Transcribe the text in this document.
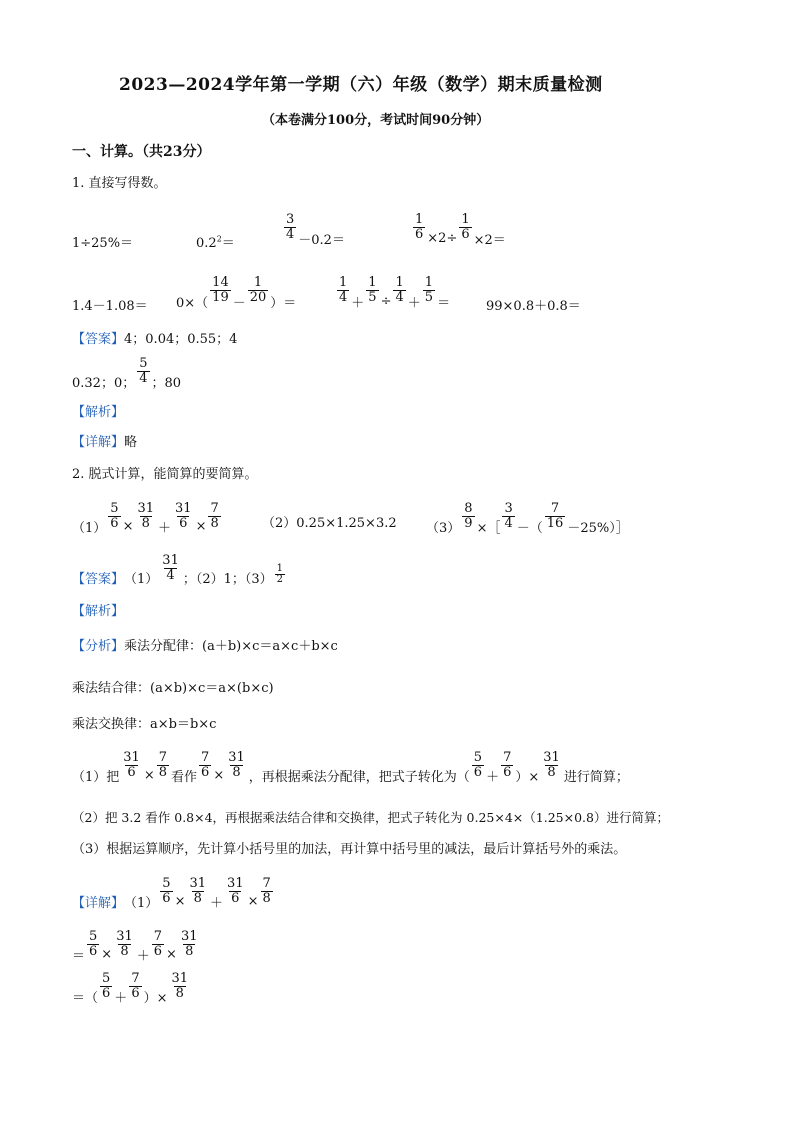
2023—2024学年第一学期（六）年级（数学）期末质量检测
（本卷满分100分，考试时间90分钟）
一、计算。（共23分）
1. 直接写得数。
1÷25%＝	$0.2^2=$
$\frac{3}{4} -0.2=$	$\frac{1}{6} \times 2\div \frac{1}{6} \times 2=$
$1.4-1.08= 0\times( \frac{14}{19} - \frac{1}{20}$ ）＝	$\frac{1}{4} + \frac{1}{5} \div \frac{1}{4} + \frac{1}{5}$ ＝	99×0.8＋0.8＝
【答案】4；0.04；0.55；4
0.32；0； $\frac{5}{4}$ ；80
【解析】
【详解】略
2. 脱式计算，能简算的要简算。
$(1) \frac{5}{6} \times \frac{31}{8} + \frac{31}{6} \times \frac{7}{8}$	（2）0.25×1.25×3.2 $(3) \frac{8}{9}$ ×［ $\frac{3}{4}$ －（ $\frac{7}{16}$ －25%）］
【答案】 $(1) \frac{31}{4}$ ；（2）1；$(3) \frac{1}{2}$
【解析】
【分析】乘法分配律：(a＋b)×c＝a×c＋b×c
乘法结合律：(a×b)×c＝a×(b×c)
乘法交换律：a×b＝b×c
（1）把 $\frac{31}{6} \times \frac{7}{8}$ 看作 $\frac{7}{6} \times \frac{31}{8}$ ，再根据乘法分配律，把式子转化为（ $\frac{5}{6} + \frac{7}{6}$ ）× $\frac{31}{8}$ 进行简算；
（2）把 3.2 看作 0.8×4，再根据乘法结合律和交换律，把式子转化为 0.25×4×（1.25×0.8）进行简算；
（3）根据运算顺序，先计算小括号里的加法，再计算中括号里的减法，最后计算括号外的乘法。
【详解】 $(1) \frac{5}{6} \times \frac{31}{8} + \frac{31}{6} \times \frac{7}{8}$
＝ $\frac{5}{6} \times \frac{31}{8} + \frac{7}{6} \times \frac{31}{8}$
＝（ $\frac{5}{6} + \frac{7}{6}$ ）× $\frac{31}{8}$
